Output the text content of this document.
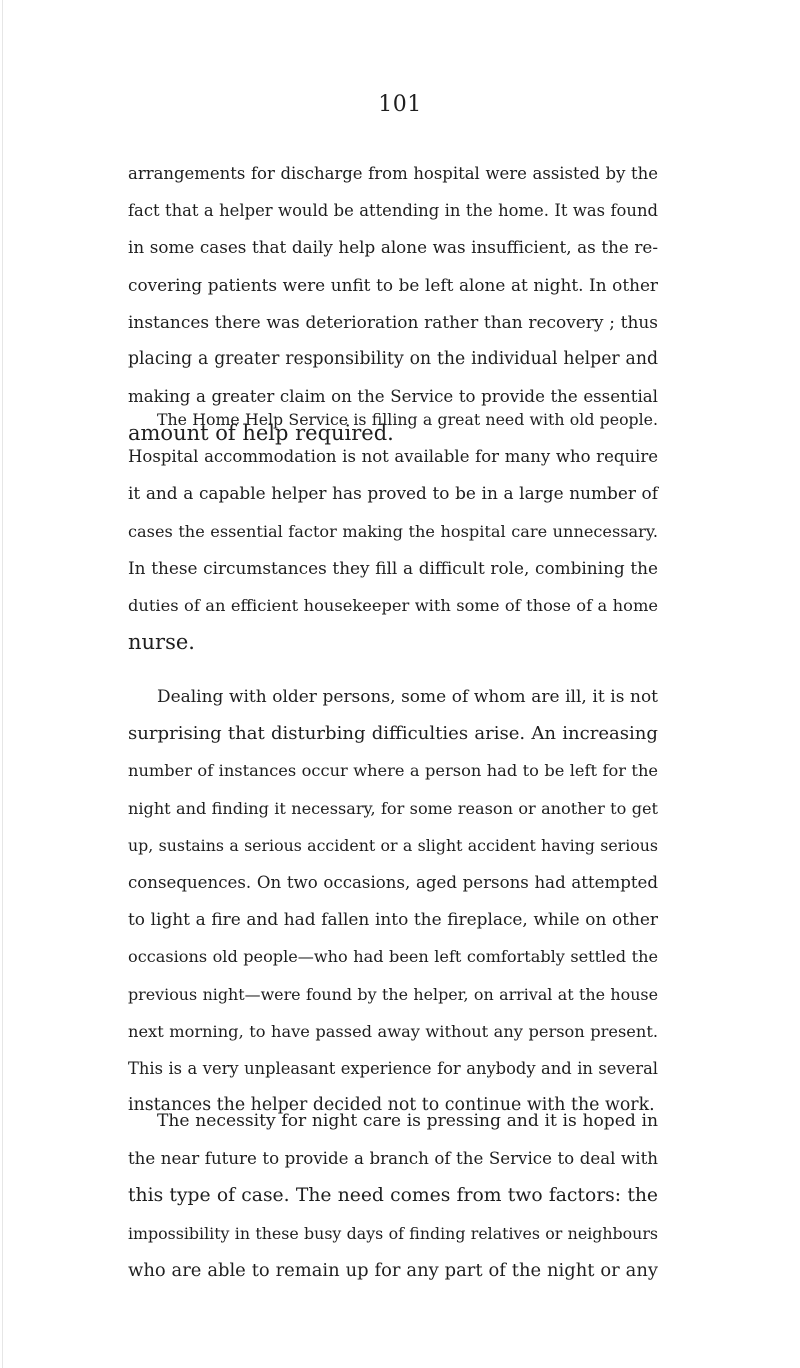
101
arrangements for discharge from hospital were assisted by the
fact that a helper would be attending in the home. It was found
in some cases that daily help alone was insufficient, as the re-
covering patients were unfit to be left alone at night. In other
instances there was deterioration rather than recovery ; thus
placing a greater responsibility on the individual helper and
making a greater claim on the Service to provide the essential
amount of help required.
The Home Help Service is filling a great need with old people.
Hospital accommodation is not available for many who require
it and a capable helper has proved to be in a large number of
cases the essential factor making the hospital care unnecessary.
In these circumstances they fill a difficult role, combining the
duties of an efficient housekeeper with some of those of a home
nurse.
Dealing with older persons, some of whom are ill, it is not
surprising that disturbing difficulties arise. An increasing
number of instances occur where a person had to be left for the
night and finding it necessary, for some reason or another to get
up, sustains a serious accident or a slight accident having serious
consequences. On two occasions, aged persons had attempted
to light a fire and had fallen into the fireplace, while on other
occasions old people—who had been left comfortably settled the
previous night—were found by the helper, on arrival at the house
next morning, to have passed away without any person present.
This is a very unpleasant experience for anybody and in several
instances the helper decided not to continue with the work.
The necessity for night care is pressing and it is hoped in
the near future to provide a branch of the Service to deal with
this type of case. The need comes from two factors: the
impossibility in these busy days of finding relatives or neighbours
who are able to remain up for any part of the night or any
